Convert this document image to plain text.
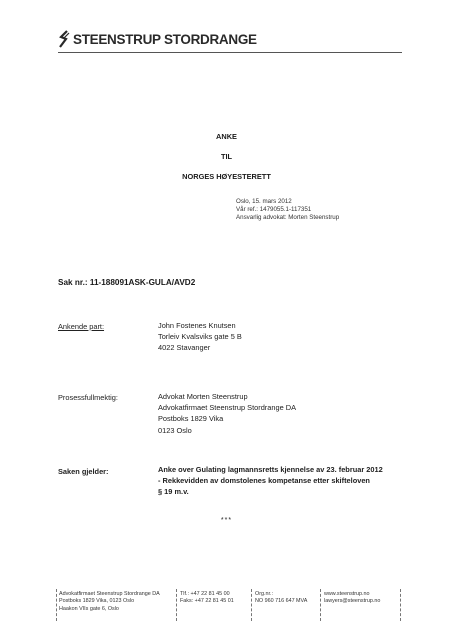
STEENSTRUP STORDRANGE
ANKE
TIL
NORGES HØYESTERETT
Oslo, 15. mars 2012
Vår ref.: 1479055.1-117351
Ansvarlig advokat: Morten Steenstrup
Sak nr.: 11-188091ASK-GULA/AVD2
Ankende part:	John Fostenes Knutsen
Torleiv Kvalsviks gate 5 B
4022 Stavanger
Prosessfullmektig:	Advokat Morten Steenstrup
Advokatfirmaet Steenstrup Stordrange DA
Postboks 1829 Vika
0123 Oslo
Saken gjelder:	Anke over Gulating lagmannsretts kjennelse av 23. februar 2012
- Rekkevidden av domstolenes kompetanse etter skifteloven
§ 19 m.v.
***
Advokatfirmaet Steenstrup Stordrange DA
Postboks 1829 Vika, 0123 Oslo
Haakon VIIs gate 6, Oslo
Tlf.: +47 22 81 45 00
Faks: +47 22 81 45 01
Org.nr.:
NO 960 716 647 MVA
www.steenstrup.no
lawyers@steenstrup.no
